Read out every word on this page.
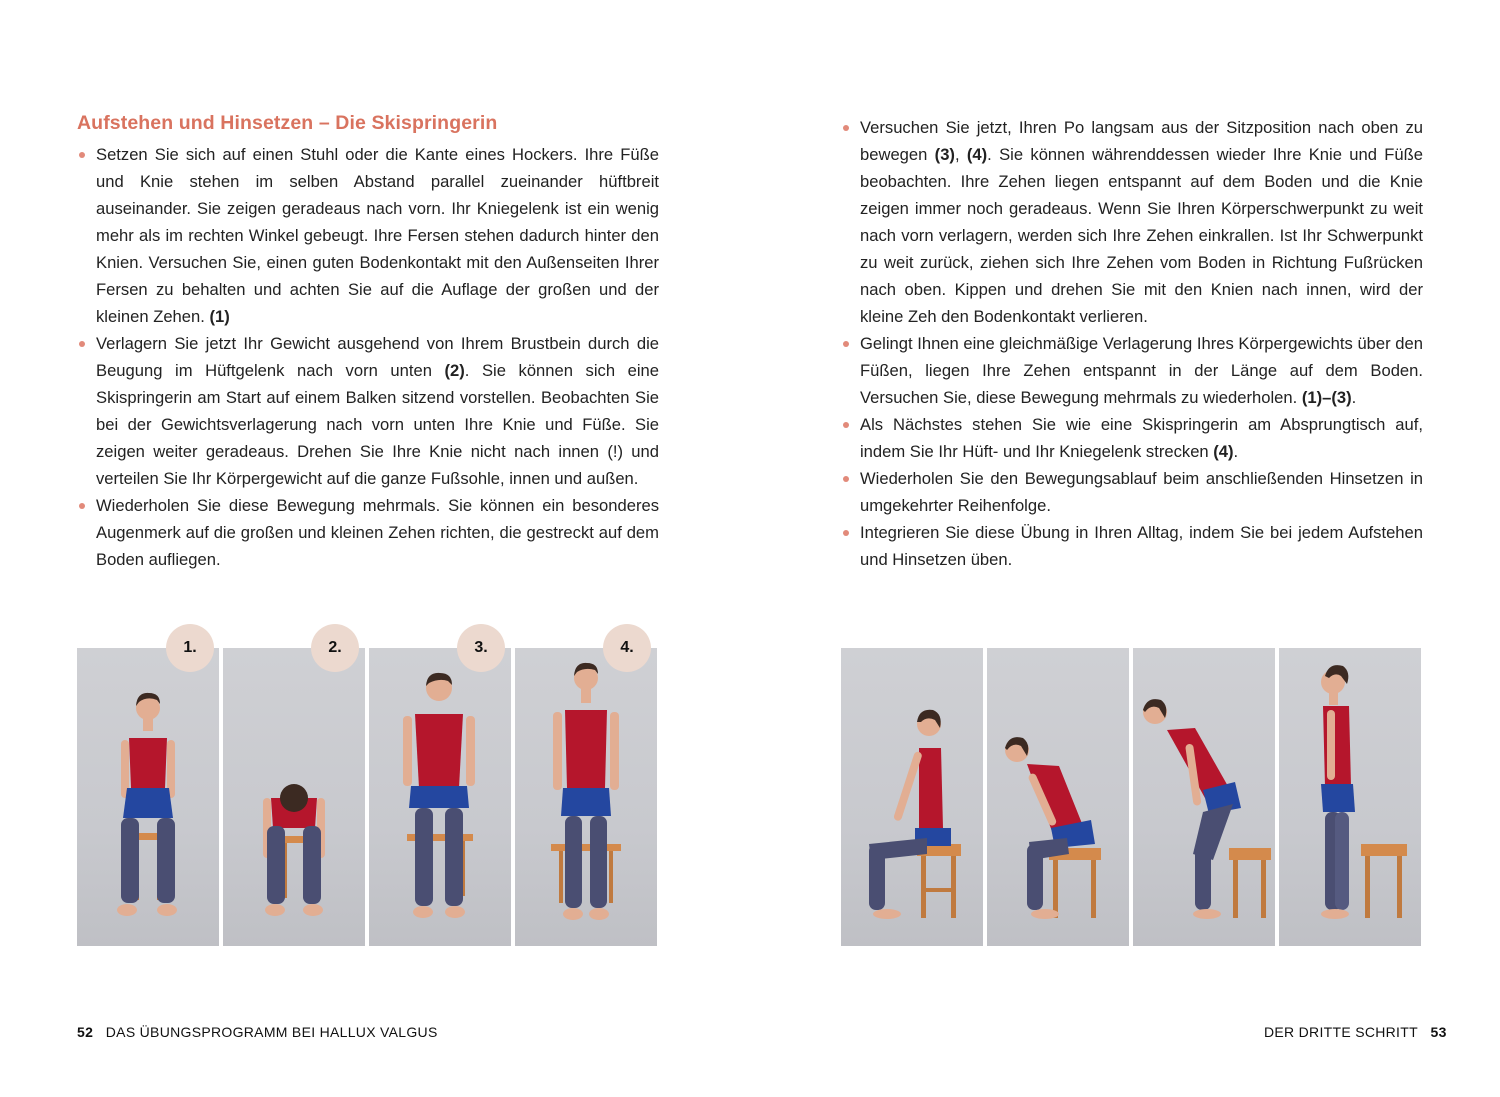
Aufstehen und Hinsetzen – Die Skispringerin
Setzen Sie sich auf einen Stuhl oder die Kante eines Hockers. Ihre Füße und Knie stehen im selben Abstand parallel zueinander hüftbreit auseinander. Sie zeigen geradeaus nach vorn. Ihr Kniegelenk ist ein wenig mehr als im rechten Winkel gebeugt. Ihre Fersen stehen dadurch hinter den Knien. Versuchen Sie, einen guten Bodenkontakt mit den Außenseiten Ihrer Fersen zu behalten und achten Sie auf die Auflage der großen und der kleinen Zehen. (1)
Verlagern Sie jetzt Ihr Gewicht ausgehend von Ihrem Brustbein durch die Beugung im Hüftgelenk nach vorn unten (2). Sie können sich eine Skispringerin am Start auf einem Balken sitzend vorstellen. Beobachten Sie bei der Gewichtsverlagerung nach vorn unten Ihre Knie und Füße. Sie zeigen weiter geradeaus. Drehen Sie Ihre Knie nicht nach innen (!) und verteilen Sie Ihr Körpergewicht auf die ganze Fußsohle, innen und außen.
Wiederholen Sie diese Bewegung mehrmals. Sie können ein besonderes Augenmerk auf die großen und kleinen Zehen richten, die gestreckt auf dem Boden aufliegen.
1.	2.	3.	4.
52 DAS ÜBUNGSPROGRAMM BEI HALLUX VALGUS
Versuchen Sie jetzt, Ihren Po langsam aus der Sitzposition nach oben zu bewegen (3), (4). Sie können währenddessen wieder Ihre Knie und Füße beobachten. Ihre Zehen liegen entspannt auf dem Boden und die Knie zeigen immer noch geradeaus. Wenn Sie Ihren Körperschwerpunkt zu weit nach vorn verlagern, werden sich Ihre Zehen einkrallen. Ist Ihr Schwerpunkt zu weit zurück, ziehen sich Ihre Zehen vom Boden in Richtung Fußrücken nach oben. Kippen und drehen Sie mit den Knien nach innen, wird der kleine Zeh den Bodenkontakt verlieren.
Gelingt Ihnen eine gleichmäßige Verlagerung Ihres Körpergewichts über den Füßen, liegen Ihre Zehen entspannt in der Länge auf dem Boden. Versuchen Sie, diese Bewegung mehrmals zu wiederholen. (1)–(3).
Als Nächstes stehen Sie wie eine Skispringerin am Absprungtisch auf, indem Sie Ihr Hüft- und Ihr Kniegelenk strecken (4).
Wiederholen Sie den Bewegungsablauf beim anschließenden Hinsetzen in umgekehrter Reihenfolge.
Integrieren Sie diese Übung in Ihren Alltag, indem Sie bei jedem Aufstehen und Hinsetzen üben.
DER DRITTE SCHRITT 53
